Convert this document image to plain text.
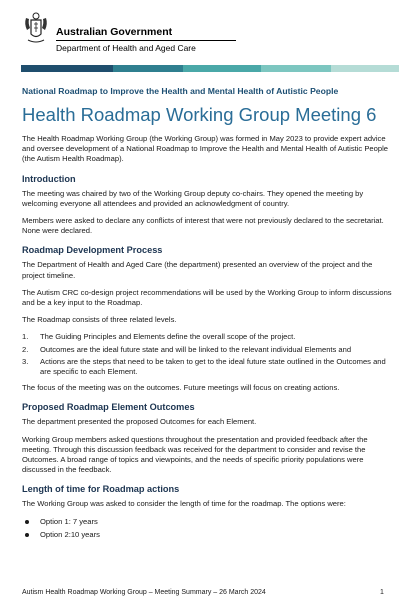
Australian Government
Department of Health and Aged Care
National Roadmap to Improve the Health and Mental Health of Autistic People
Health Roadmap Working Group Meeting 6

The Health Roadmap Working Group (the Working Group) was formed in May 2023 to provide expert advice and oversee development of a National Roadmap to Improve the Health and Mental Health of Autistic People (the Autism Health Roadmap).

Introduction

The meeting was chaired by two of the Working Group deputy co-chairs. They opened the meeting by welcoming everyone all attendees and provided an acknowledgment of country.

Members were asked to declare any conflicts of interest that were not previously declared to the secretariat. None were declared.

Roadmap Development Process

The Department of Health and Aged Care (the department) presented an overview of the project and the project timeline.

The Autism CRC co-design project recommendations will be used by the Working Group to inform discussions and be a key input to the Roadmap.

The Roadmap consists of three related levels.

1. The Guiding Principles and Elements define the overall scope of the project.
2. Outcomes are the ideal future state and will be linked to the relevant individual Elements and
3. Actions are the steps that need to be taken to get to the ideal future state outlined in the Outcomes and are specific to each Element.

The focus of the meeting was on the outcomes. Future meetings will focus on creating actions.

Proposed Roadmap Element Outcomes

The department presented the proposed Outcomes for each Element.

Working Group members asked questions throughout the presentation and provided feedback after the meeting. Through this discussion feedback was received for the department to consider and revise the Outcomes. A broad range of topics and viewpoints, and the needs of specific priority populations were discussed in the feedback.

Length of time for Roadmap actions

The Working Group was asked to consider the length of time for the roadmap. The options were:

Option 1: 7 years
Option 2:10 years
Autism Health Roadmap Working Group – Meeting Summary – 26 March 2024	1
